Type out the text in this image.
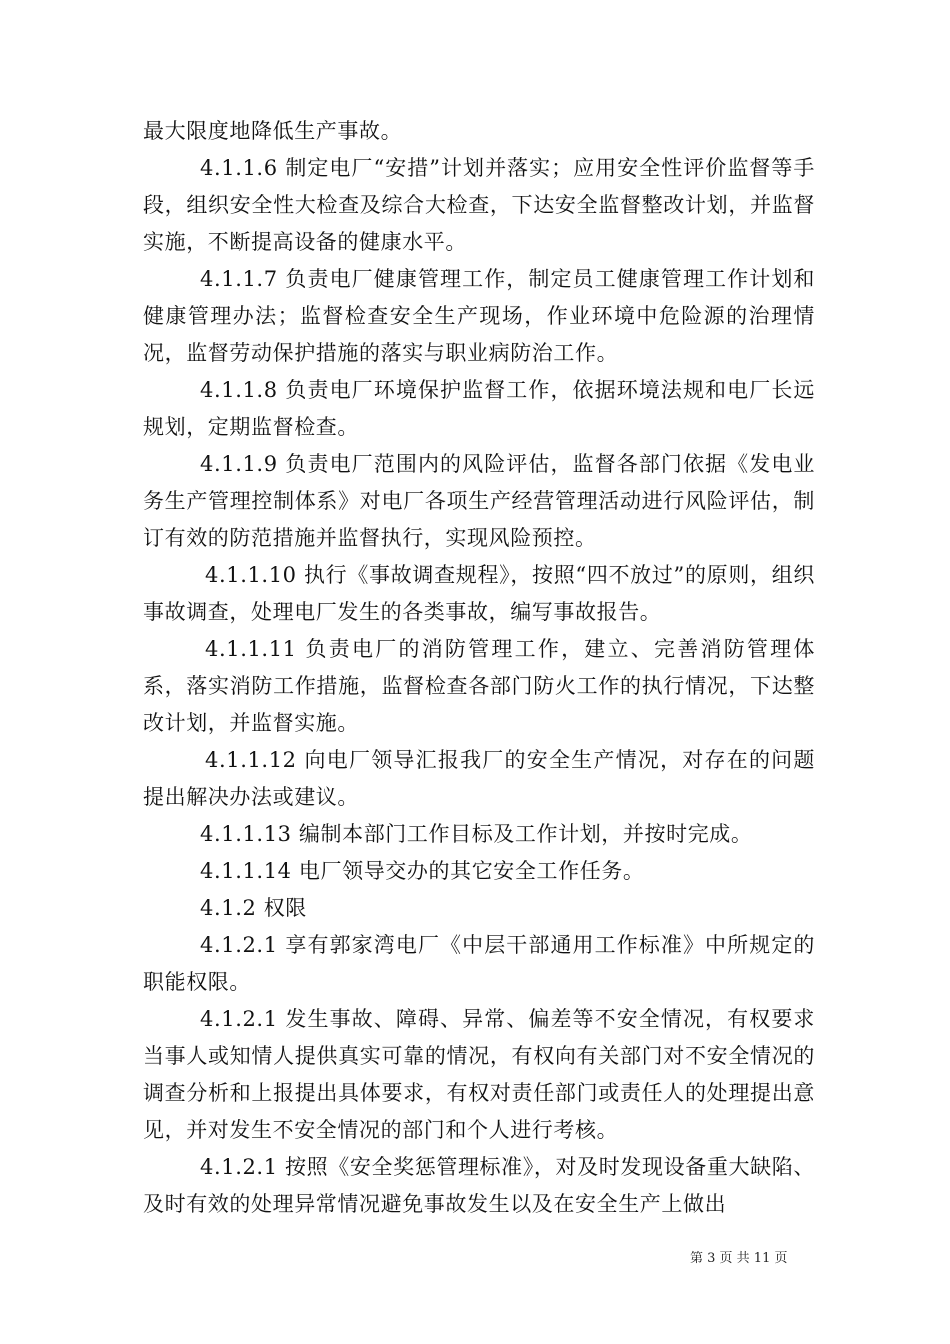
最大限度地降低生产事故。

4.1.1.6 制定电厂“安措”计划并落实；应用安全性评价监督等手段，组织安全性大检查及综合大检查，下达安全监督整改计划，并监督实施，不断提高设备的健康水平。

4.1.1.7 负责电厂健康管理工作，制定员工健康管理工作计划和健康管理办法；监督检查安全生产现场，作业环境中危险源的治理情况，监督劳动保护措施的落实与职业病防治工作。

4.1.1.8 负责电厂环境保护监督工作，依据环境法规和电厂长远规划，定期监督检查。

4.1.1.9 负责电厂范围内的风险评估，监督各部门依据《发电业务生产管理控制体系》对电厂各项生产经营管理活动进行风险评估，制订有效的防范措施并监督执行，实现风险预控。

4.1.1.10 执行《事故调查规程》，按照“四不放过”的原则，组织事故调查，处理电厂发生的各类事故，编写事故报告。

4.1.1.11 负责电厂的消防管理工作，建立、完善消防管理体系，落实消防工作措施，监督检查各部门防火工作的执行情况，下达整改计划，并监督实施。

4.1.1.12 向电厂领导汇报我厂的安全生产情况，对存在的问题提出解决办法或建议。

4.1.1.13 编制本部门工作目标及工作计划，并按时完成。

4.1.1.14 电厂领导交办的其它安全工作任务。

4.1.2 权限

4.1.2.1 享有郭家湾电厂《中层干部通用工作标准》中所规定的职能权限。

4.1.2.1 发生事故、障碍、异常、偏差等不安全情况，有权要求当事人或知情人提供真实可靠的情况，有权向有关部门对不安全情况的调查分析和上报提出具体要求，有权对责任部门或责任人的处理提出意见，并对发生不安全情况的部门和个人进行考核。

4.1.2.1 按照《安全奖惩管理标准》，对及时发现设备重大缺陷、及时有效的处理异常情况避免事故发生以及在安全生产上做出

第 3 页 共 11 页
